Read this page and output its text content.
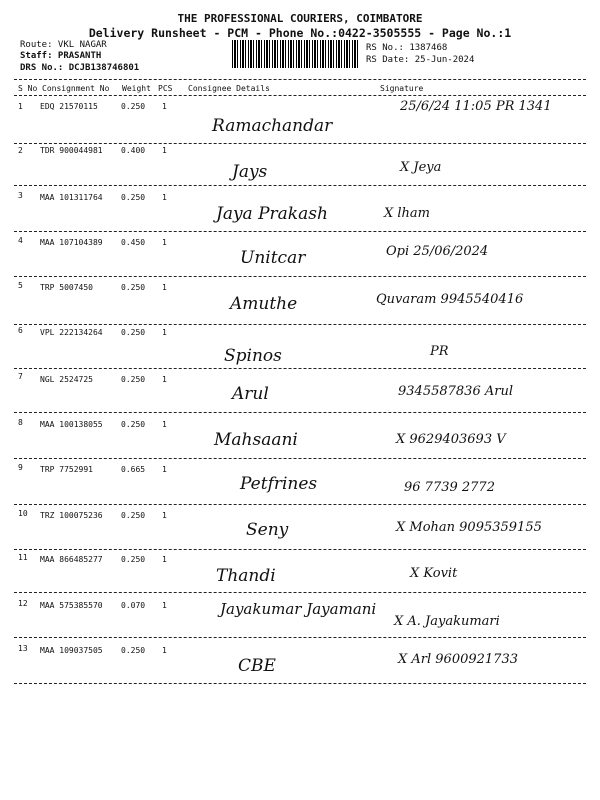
THE PROFESSIONAL COURIERS, COIMBATORE
Delivery Runsheet - PCM - Phone No.:0422-3505555 - Page No.:1
Route: VKL NAGAR
Staff: PRASANTH
DRS No.: DCJB138746801
RS No.: 1387468
RS Date: 25-Jun-2024
S No Consignment No Weight PCS Consignee Details	Signature
1 EDQ 21570115	0.250 1
Ramachandar
25/6/24 11:05 PR 1341
2 TDR 900044981 0.400 1
Jays	X Jeya
3 MAA 101311764 0.250 1
Jaya Prakash	X lham
4 MAA 107104389 0.450 1
Unitcar	Opi 25/06/2024
5 TRP 5007450	0.250 1
Amuthe	Quvaram 9945540416
6 VPL 222134264 0.250 1
Spinos	PR
7 NGL 2524725	0.250 1
Arul	9345587836 Arul
8 MAA 100138055 0.250 1
Mahsaani	X 9629403693 V
9 TRP 7752991	0.665 1
Petfrines	96 7739 2772
10 TRZ 100075236 0.250 1
Seny	X Mohan 9095359155
11 MAA 866485277 0.250 1
Thandi	X Kovit
12 MAA 575385570 0.070 1	Jayakumar Jayamani
X A. Jayakumari
13 MAA 109037505 0.250 1
CBE	X Arl 9600921733
